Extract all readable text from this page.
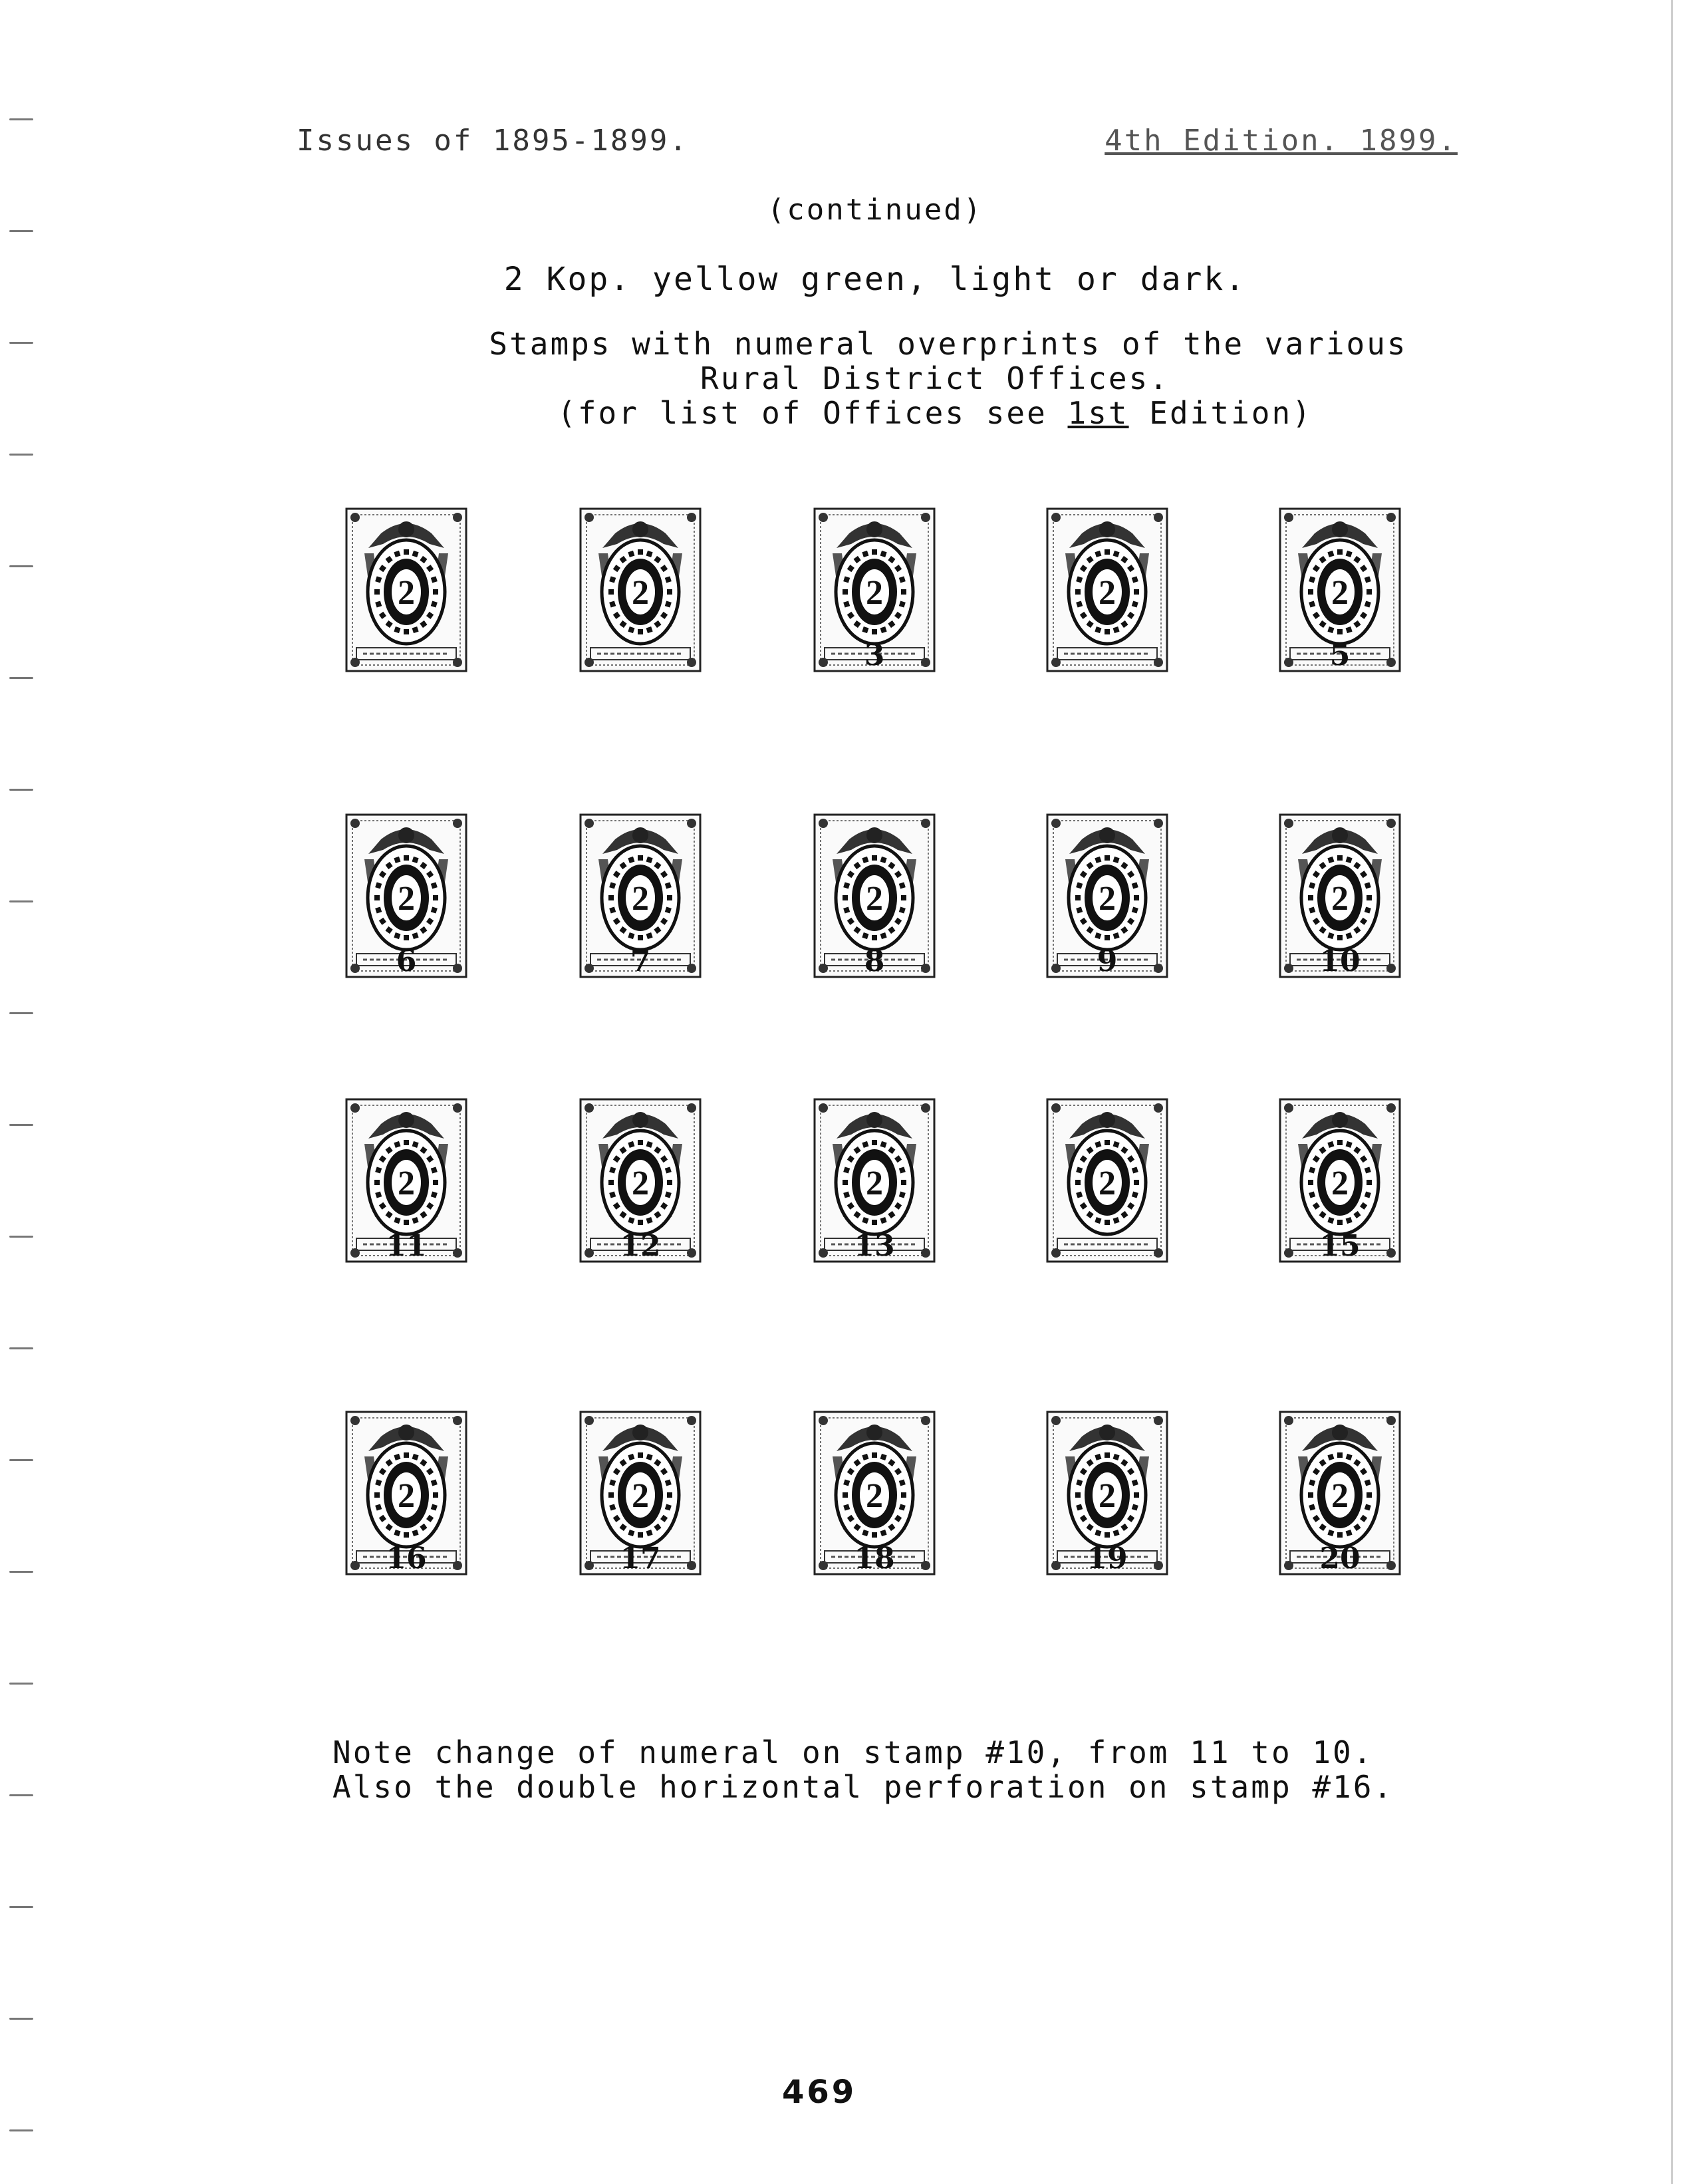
Issues of 1895-1899.	4th Edition. 1899.
(continued)
2 Kop. yellow green, light or dark.
Stamps with numeral overprints of the various
Rural District Offices.
(for list of Offices see 1st Edition)
2	2	2
3
2	2
5
2
6
2
7
2
8
2
9
2
10
2
11
2
12
2
13
2	2
15
2
16
2
17
2
18
2
19
2
20
Note change of numeral on stamp #10, from 11 to 10.
Also the double horizontal perforation on stamp #16.
469
